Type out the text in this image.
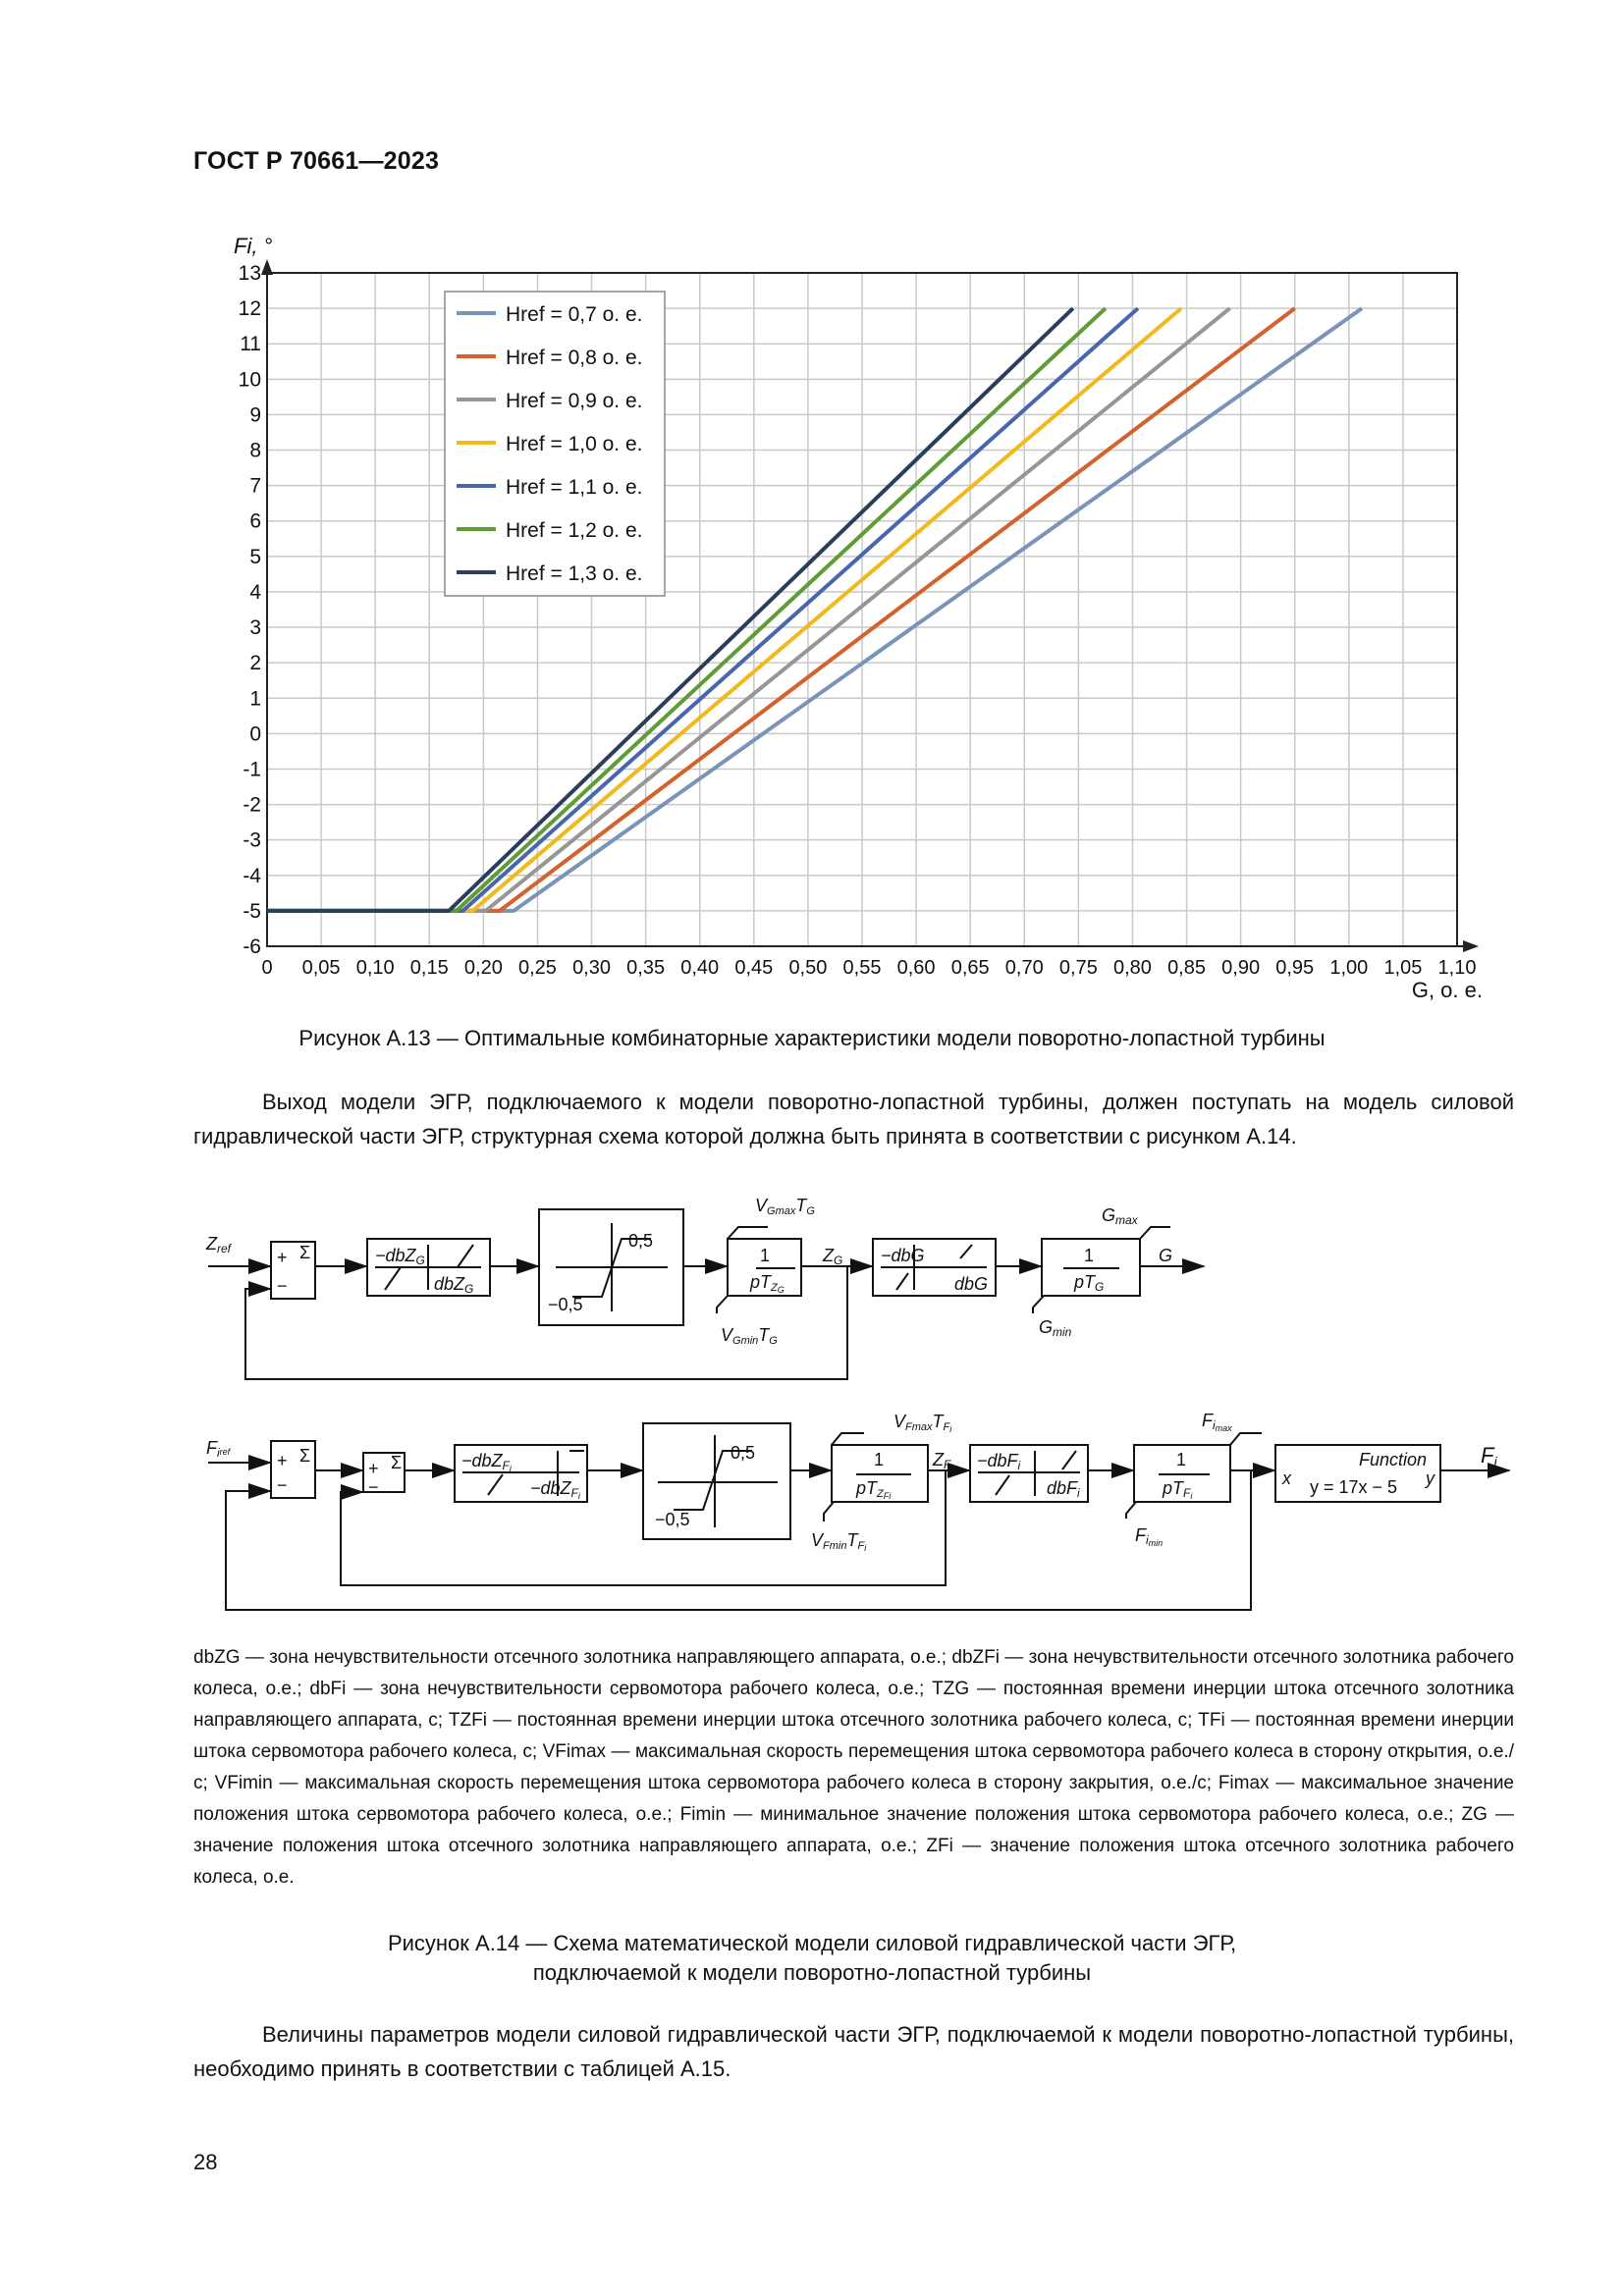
ГОСТ Р 70661—2023
13
12
11
10
9
8
7
6
5
4
3
2
1
0
-1
-2
-3
-4
-5
-6
0 0,05 0,10 0,15 0,20 0,25 0,30 0,35 0,40 0,45 0,50 0,55 0,60 0,65 0,70 0,75 0,80 0,85 0,90 0,95 1,00 1,05 1,10
Fi, °
G, о. е.
Href = 0,7 о. е.
Href = 0,8 о. е.
Href = 0,9 о. е.
Href = 1,0 о. е.
Href = 1,1 о. е.
Href = 1,2 о. е.
Href = 1,3 о. е.
Рисунок А.13 — Оптимальные комбинаторные характеристики модели поворотно-лопастной турбины
Выход модели ЭГР, подключаемого к модели поворотно-лопастной турбины, должен поступать на модель силовой гидравлической части ЭГР, структурная схема которой должна быть принята в соответствии с рисунком А.14.
Zref	+ Σ
−
−dbZG
dbZG
0,5
−0,5
VGmaxTG
1
pTZG
ZG
VGminTG
−dbG
dbG
Gmax
1
pTG
Gmin
G
Firef	+ Σ
−
+ Σ
−
−dbZFi
−dbZFi
0,5
−0,5
VFmaxTFi
1
pTZFi
ZFi
VFminTFi
−dbFi
dbFi
Fimax
1
pTFi
Fimin
Function
y = 17x − 5
x	y
Fi
dbZG — зона нечувствительности отсечного золотника направляющего аппарата, о.е.; dbZFi — зона нечувствительности отсечного золотника рабочего колеса, о.е.; dbFi — зона нечувствительности сервомотора рабочего колеса, о.е.; TZG — постоянная времени инерции штока отсечного золотника направляющего аппарата, с; TZFi — постоянная времени инерции штока отсечного золотника рабочего колеса, с; TFi — постоянная времени инерции штока сервомотора рабочего колеса, с; VFimax — максимальная скорость перемещения штока сервомотора рабочего колеса в сторону открытия, о.е./с; VFimin — максимальная скорость перемещения штока сервомотора рабочего колеса в сторону закрытия, о.е./с; Fimax — максимальное значение положения штока сервомотора рабочего колеса, о.е.; Fimin — минимальное значение положения штока сервомотора рабочего колеса, о.е.; ZG — значение положения штока отсечного золотника направляющего аппарата, о.е.; ZFi — значение положения штока отсечного золотника рабочего колеса, о.е.
Рисунок А.14 — Схема математической модели силовой гидравлической части ЭГР,
подключаемой к модели поворотно-лопастной турбины
Величины параметров модели силовой гидравлической части ЭГР, подключаемой к модели поворотно-лопастной турбины, необходимо принять в соответствии с таблицей А.15.
28
